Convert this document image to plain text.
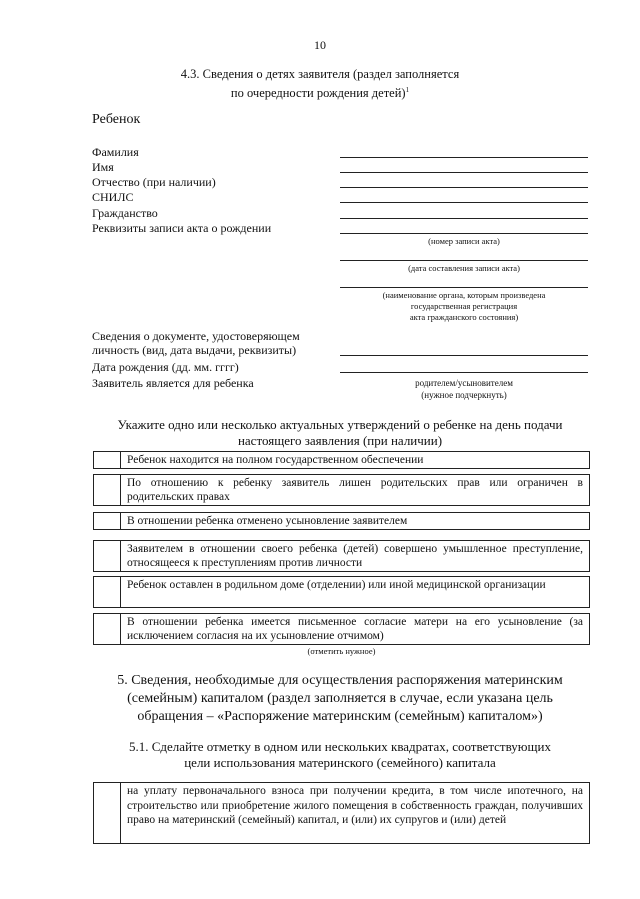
10
4.3. Сведения о детях заявителя (раздел заполняется
по очередности рождения детей)$^1$
Ребенок
Фамилия
Имя
Отчество (при наличии)
СНИЛС
Гражданство
Реквизиты записи акта о рождении
(номер записи акта)
(дата составления записи акта)
(наименование органа, которым произведена
государственная регистрация
акта гражданского состояния)
Сведения о документе, удостоверяющем
личность (вид, дата выдачи, реквизиты)
Дата рождения (дд. мм. гггг)
Заявитель является для ребенка	родителем/усыновителем
(нужное подчеркнуть)
Укажите одно или несколько актуальных утверждений о ребенке на день подачи
настоящего заявления (при наличии)
Ребенок находится на полном государственном обеспечении
По отношению к ребенку заявитель лишен родительских прав или ограничен в родительских правах
В отношении ребенка отменено усыновление заявителем
Заявителем в отношении своего ребенка (детей) совершено умышленное преступление, относящееся к преступлениям против личности
Ребенок оставлен в родильном доме (отделении) или иной медицинской организации
В отношении ребенка имеется письменное согласие матери на его усыновление (за исключением согласия на их усыновление отчимом)
(отметить нужное)
5. Сведения, необходимые для осуществления распоряжения материнским
(семейным) капиталом (раздел заполняется в случае, если указана цель
обращения – «Распоряжение материнским (семейным) капиталом»)
5.1. Сделайте отметку в одном или нескольких квадратах, соответствующих
цели использования материнского (семейного) капитала
на уплату первоначального взноса при получении кредита, в том числе ипотечного, на строительство или приобретение жилого помещения в собственность граждан, получивших право на материнский (семейный) капитал, и (или) их супругов и (или) детей
